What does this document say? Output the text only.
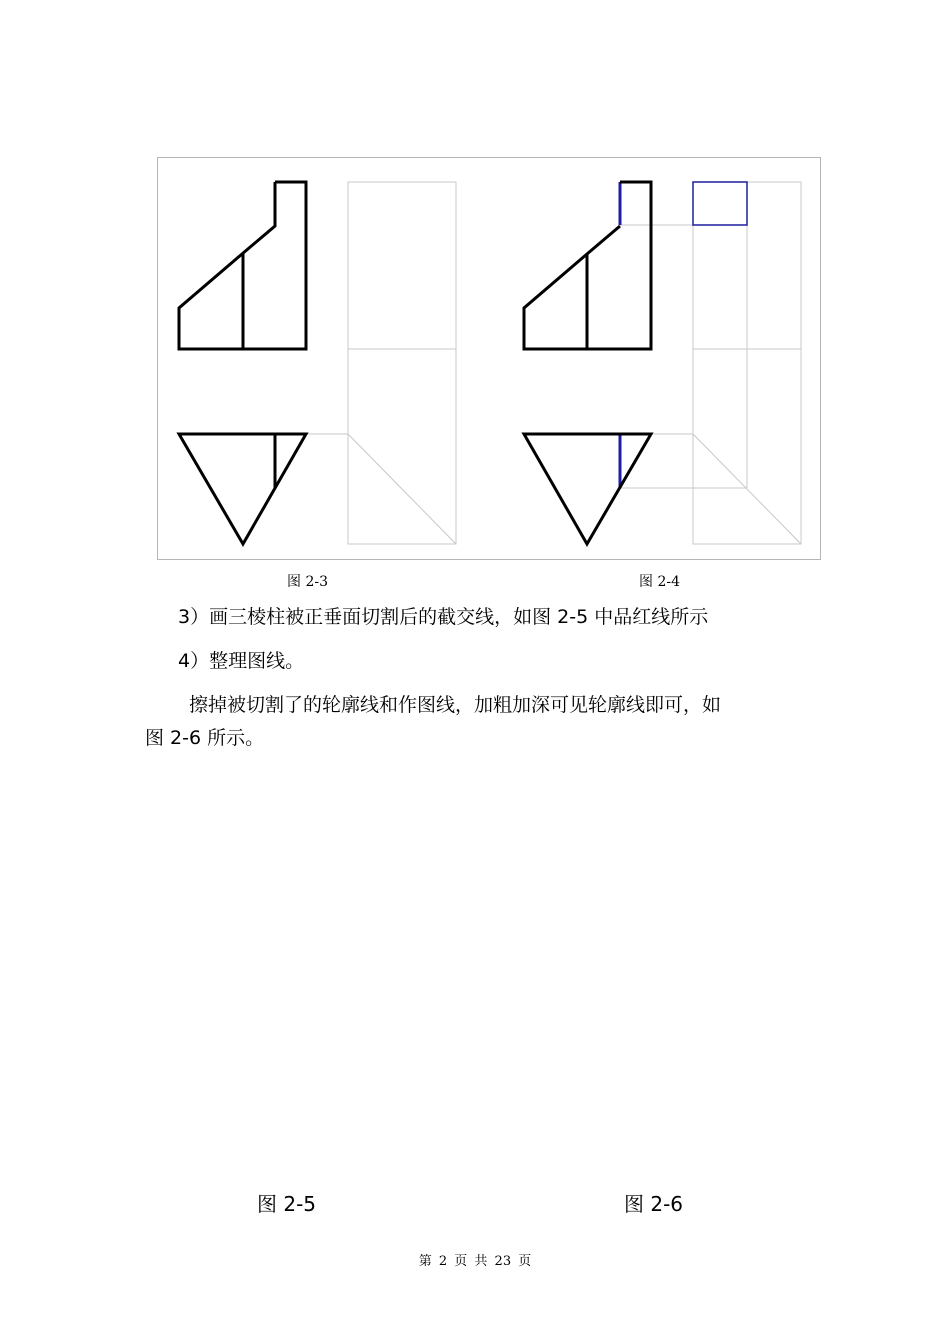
图 2-3	图 2-4
3）画三棱柱被正垂面切割后的截交线，如图 2-5 中品红线所示
4）整理图线。
擦掉被切割了的轮廓线和作图线，加粗加深可见轮廓线即可，如
图 2-6 所示。
图 2-5	图 2-6
第 2 页 共 23 页
